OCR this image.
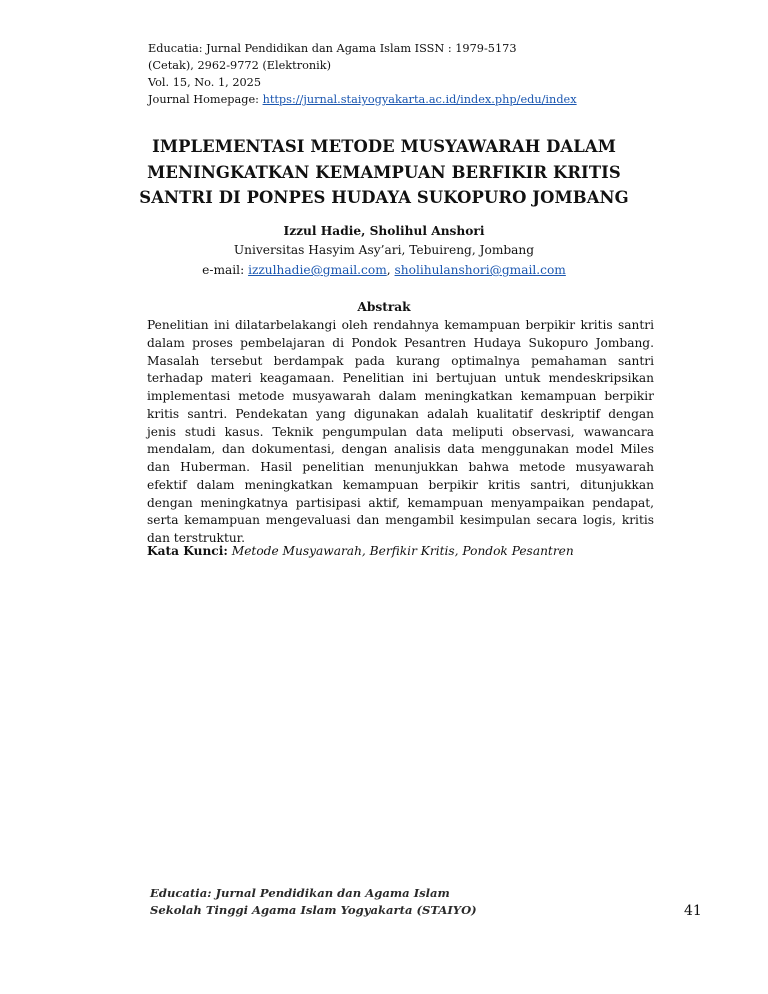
Educatia: Jurnal Pendidikan dan Agama Islam ISSN : 1979-5173
(Cetak), 2962-9772 (Elektronik)
Vol. 15, No. 1, 2025
Journal Homepage: https://jurnal.staiyogyakarta.ac.id/index.php/edu/index
IMPLEMENTASI METODE MUSYAWARAH DALAM
MENINGKATKAN KEMAMPUAN BERFIKIR KRITIS
SANTRI DI PONPES HUDAYA SUKOPURO JOMBANG
Izzul Hadie, Sholihul Anshori
Universitas Hasyim Asy’ari, Tebuireng, Jombang
e-mail: izzulhadie@gmail.com, sholihulanshori@gmail.com
Abstrak
Penelitian ini dilatarbelakangi oleh rendahnya kemampuan berpikir kritis santri
dalam proses pembelajaran di Pondok Pesantren Hudaya Sukopuro Jombang.
Masalah tersebut berdampak pada kurang optimalnya pemahaman santri
terhadap materi keagamaan. Penelitian ini bertujuan untuk mendeskripsikan
implementasi metode musyawarah dalam meningkatkan kemampuan berpikir
kritis santri. Pendekatan yang digunakan adalah kualitatif deskriptif dengan
jenis studi kasus. Teknik pengumpulan data meliputi observasi, wawancara
mendalam, dan dokumentasi, dengan analisis data menggunakan model Miles
dan Huberman. Hasil penelitian menunjukkan bahwa metode musyawarah
efektif dalam meningkatkan kemampuan berpikir kritis santri, ditunjukkan
dengan meningkatnya partisipasi aktif, kemampuan menyampaikan pendapat,
serta kemampuan mengevaluasi dan mengambil kesimpulan secara logis, kritis
dan terstruktur.
Kata Kunci: Metode Musyawarah, Berfikir Kritis, Pondok Pesantren
Educatia: Jurnal Pendidikan dan Agama Islam
Sekolah Tinggi Agama Islam Yogyakarta (STAIYO)	41
